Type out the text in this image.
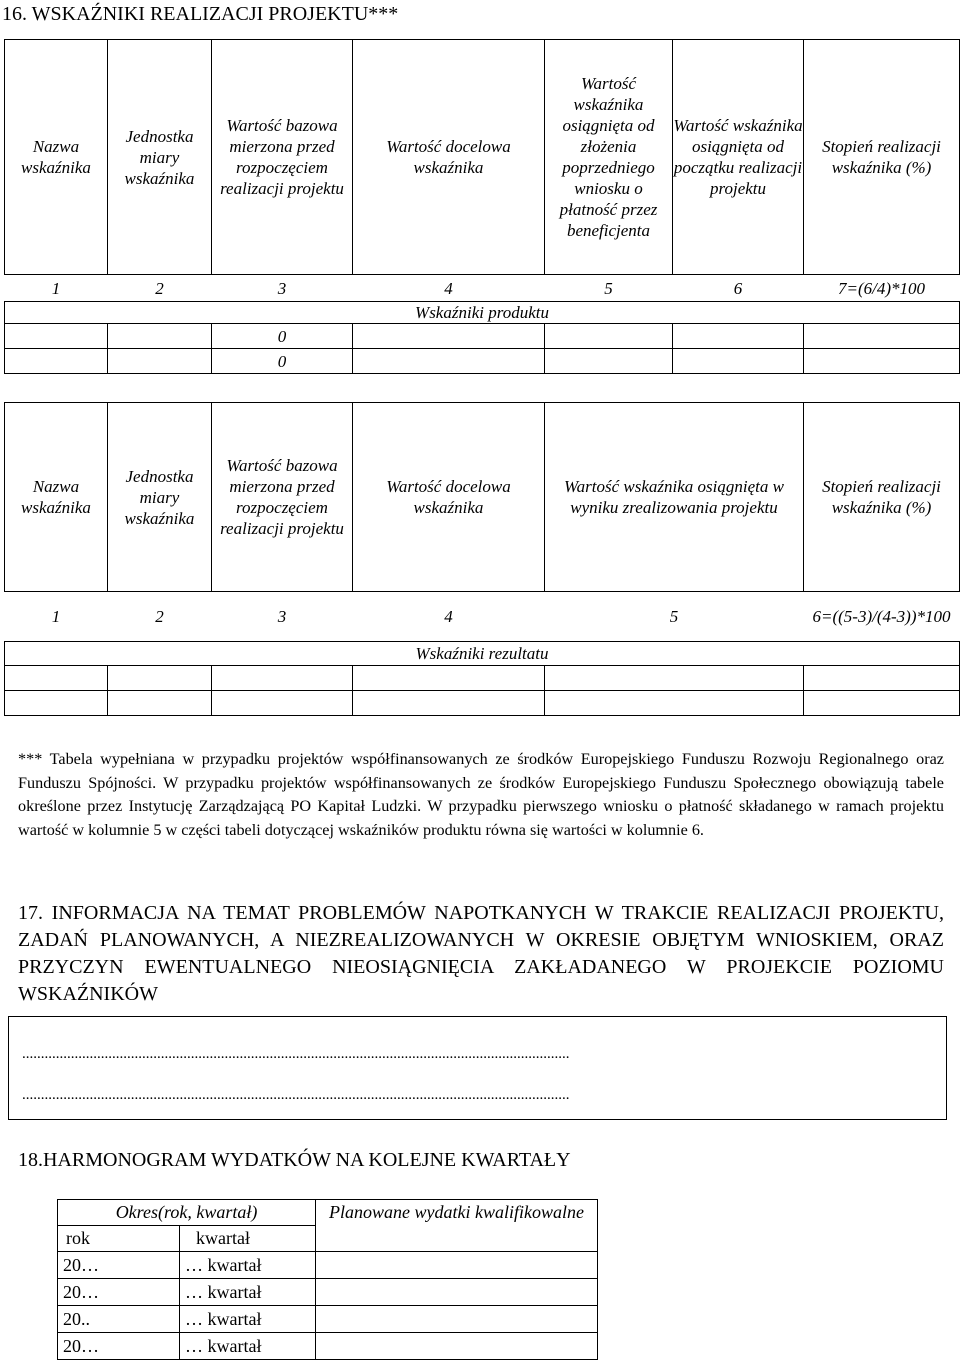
16. WSKAŹNIKI REALIZACJI PROJEKTU***
Nazwa wskaźnika	Jednostka miary wskaźnika	Wartość bazowa mierzona przed rozpoczęciem realizacji projektu	Wartość docelowa wskaźnika	Wartość wskaźnika osiągnięta od złożenia poprzedniego wniosku o płatność przez beneficjenta	Wartość wskaźnika osiągnięta od początku realizacji projektu	Stopień realizacji wskaźnika (%)
1	2	3	4	5	6	7=(6/4)*100
Wskaźniki produktu						
		0				
		0				
Nazwa wskaźnika	Jednostka miary wskaźnika	Wartość bazowa mierzona przed rozpoczęciem realizacji projektu	Wartość docelowa wskaźnika	Wartość wskaźnika osiągnięta w wyniku zrealizowania projektu	Stopień realizacji wskaźnika (%)
1	2	3	4	5	6=((5-3)/(4-3))*100
Wskaźniki rezultatu					

*** Tabela wypełniana w przypadku projektów współfinansowanych ze środków Europejskiego Funduszu Rozwoju Regionalnego oraz Funduszu Spójności. W przypadku projektów współfinansowanych ze środków Europejskiego Funduszu Społecznego obowiązują tabele określone przez Instytucję Zarządzającą PO Kapitał Ludzki. W przypadku pierwszego wniosku o płatność składanego w ramach projektu wartość w kolumnie 5 w części tabeli dotyczącej wskaźników produktu równa się wartości w kolumnie 6.
17. INFORMACJA NA TEMAT PROBLEMÓW NAPOTKANYCH W TRAKCIE REALIZACJI PROJEKTU, ZADAŃ PLANOWANYCH, A NIEZREALIZOWANYCH W OKRESIE OBJĘTYM WNIOSKIEM, ORAZ PRZYCZYN EWENTUALNEGO NIEOSIĄGNIĘCIA ZAKŁADANEGO W PROJEKCIE POZIOMU WSKAŹNIKÓW
..................................................................................................................................................
..................................................................................................................................................
18.HARMONOGRAM WYDATKÓW NA KOLEJNE KWARTAŁY
Okres(rok, kwartał)		Planowane wydatki kwalifikowalne
rok	kwartał	
20…	… kwartał	
20…	… kwartał	
20..	… kwartał	
20…	… kwartał	
